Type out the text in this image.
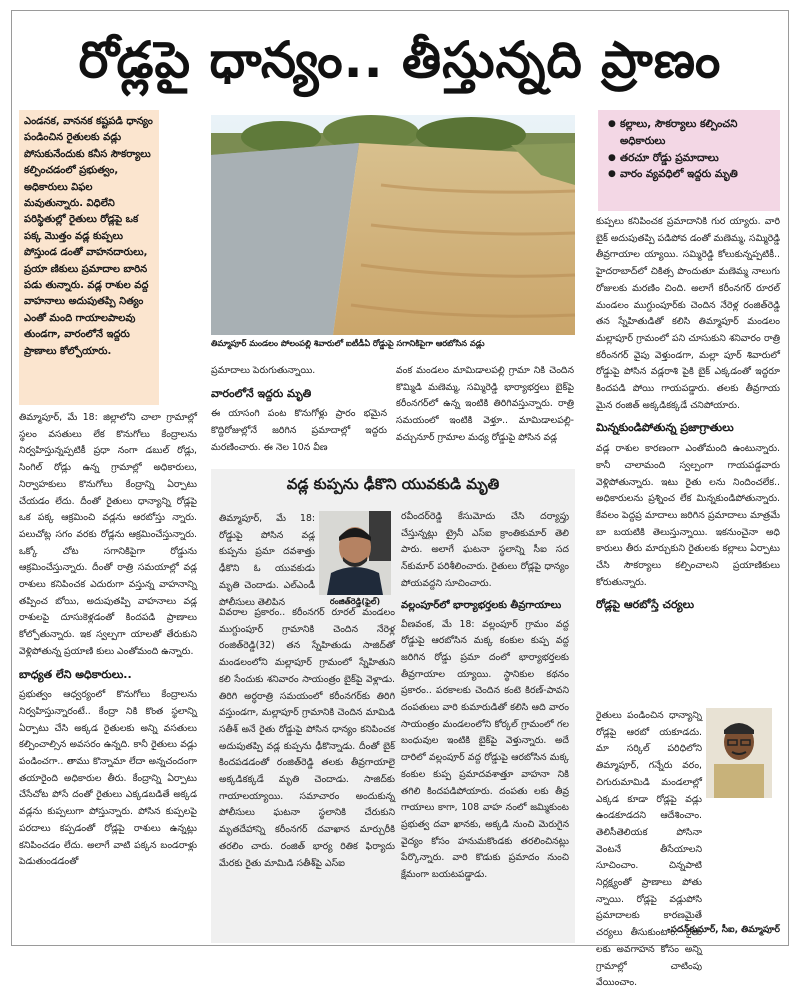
రోడ్లపై ధాన్యం.. తీస్తున్నది ప్రాణం
ఎండనక, వాననక కష్టపడి ధాన్యం పండించిన రైతులకు వడ్లు పోసుకునేందుకు కనీస సౌకర్యాలు కల్పించడంలో ప్రభుత్వం, అధికారులు విఫల మవుతున్నారు. విధిలేని పరిస్థితుల్లో రైతులు రోడ్లపై ఒక పక్క మొత్తం వడ్ల కుప్పలు పోస్తుండ డంతో వాహనదారులు, ప్రయా ణికులు ప్రమాదాల బారిన పడు తున్నారు. వడ్ల రాశుల వద్ద వాహనాలు అదుపుతప్పి నిత్యం ఎంతో మంది గాయాలపాలవు తుండగా, వారంలోనే ఇద్దరు ప్రాణాలు కోల్పోయారు.
తిమ్మాపూర్, మే 18: జిల్లాలోని చాలా గ్రామాల్లో స్థలం వసతులు లేక కొనుగోలు కేంద్రాలను నిర్వహిస్తున్నప్పటికీ ప్రధా నంగా డబుల్ రోడ్లు, సింగిల్ రోడ్లు ఉన్న గ్రామాల్లో అధికారులు, నిర్వాహకులు కొనుగోలు కేంద్రాన్ని ఏర్పాటు చేయడం లేదు. దీంతో రైతులు ధాన్యాన్ని రోడ్లపై ఒక పక్క ఆక్రమించి వడ్లను ఆరబోస్తు న్నారు. పలుచోట్ల సగం వరకు రోడ్లను ఆక్రమించేస్తున్నారు. ఒక్కో చోట సగానికిపైగా రోడ్డును ఆక్రమించేస్తున్నారు. దీంతో రాత్రి సమయాల్లో వడ్ల రాశులు కనిపించక ఎదురుగా వస్తున్న వాహనాన్ని తప్పించ బోయి, అదుపుతప్పి వాహనాలు వడ్ల రాశులపై దూసుకెళ్లడంతో కిందపడి ప్రాణాలు కోల్పోతున్నారు. ఇక స్వల్పగా యాలతో తేరుకుని వెళ్లిపోతున్న ప్రయాణి కులు ఎంతోమంది ఉన్నారు.
బాధ్యత లేని అధికారులు..
ప్రభుత్వం ఆధ్వర్యంలో కొనుగోలు కేంద్రాలను నిర్వహిస్తున్నారంటే.. కేంద్రా నికి కొంత స్థలాన్ని ఏర్పాటు చేసి అక్కడ రైతులకు అన్ని వసతులు కల్పించాల్సిన అవసరం ఉన్నది. కానీ రైతులు వడ్లు పండించగా.. తాము కొన్నామా లేదా అన్నచందంగా తయారైంది అధికారుల తీరు. కేంద్రాన్ని ఏర్పాటు చేసేచోట పోసే దంతో రైతులు ఎక్కడబడితే అక్కడ వడ్లను కుప్పలుగా పోస్తున్నారు. పోసిన కుప్పలపై పరదాలు కప్పడంతో రోడ్లపై రాశులు ఉన్నట్లు కనిపించడం లేదు. అలాగే వాటి పక్కన బండరాళ్లు పెడుతుండడంతో
తిమ్మాపూర్ మండలం పోలంపల్లి శివారులో ఐటీడీఏ రోడ్డుపై సగానికిపైగా ఆరబోసిన వడ్లు
ప్రమాదాలు పెరుగుతున్నాయి.
వారంలోనే ఇద్దరు మృతి
ఈ యాసంగి పంట కొనుగోళ్లు ప్రారం భమైన కొద్దిరోజుల్లోనే జరిగిన ప్రమాదాల్లో ఇద్దరు మరణించారు. ఈ నెల 10న వీణ
వంక మండలం మామిడాలపల్లి గ్రామా నికి చెందిన కొమ్మిడి మణెమ్మ, సమ్మిరెడ్డి భార్యాభర్తలు బైక్‌పై కరీంనగర్‌లో ఉన్న ఇంటికి తిరిగివస్తున్నారు. రాత్రి సమయంలో ఇంటికి వెళ్తూ.. మామిడాలపల్లి-వచ్చునూర్ గ్రామాల మధ్య రోడ్డుపై పోసిన వడ్ల
● కల్లాలు, సౌకర్యాలు కల్పించని అధికారులు
● తరచూ రోడ్డు ప్రమాదాలు
● వారం వ్యవధిలో ఇద్దరు మృతి
కుప్పలు కనిపించక ప్రమాదానికి గుర య్యారు. వారి బైక్ అదుపుతప్పి పడిపోవ డంతో మణెమ్మ, సమ్మిరెడ్డి తీవ్రగాయాల య్యాయి. సమ్మిరెడ్డి కోలుకున్నప్పటికీ.. హైదరాబాద్‌లో చికిత్స పొందుతూ మణెమ్మ నాలుగు రోజులకు మరణిం చింది. అలాగే కరీంనగర్ రూరల్ మండలం ముగ్దుంపూర్‌కు చెందిన నేరెళ్ల రంజిత్‌రెడ్డి తన స్నేహితుడితో కలిసి తిమ్మాపూర్ మండలం మల్లాపూర్ గ్రామంలో పని చూసుకుని శనివారం రాత్రి కరీంనగర్ వైపు వెళ్తుండగా, మల్లా పూర్ శివారులో రోడ్డుపై పోసిన వడ్లరాశి పైకి బైక్ ఎక్కడంతో ఇద్దరూ కిందపడి పోయి గాయపడ్డారు. తలకు తీవ్రగాయ మైన రంజిత్ అక్కడికక్కడే చనిపోయారు.
మిన్నకుండిపోతున్న ప్రజాగ్రాతులు
వడ్ల రాశుల కారణంగా ఎంతోమంది ఉంటున్నారు. కానీ చాలామంది స్వల్పంగా గాయపడ్డవారు వెళ్లిపోతున్నారు. ఇటు రైతు లను నిందించలేక.. అధికారులను ప్రశ్నించ లేక మిన్నకుండిపోతున్నారు. కేవలం పెద్దప్ర మాదాలు జరిగిన ప్రమాదాలు మాత్రమే బా బయటికి తెలుస్తున్నాయి. ఇకనుంచైనా అధి కారులు తీరు మార్చుకుని రైతులకు కల్లాలు ఏర్పాటు చేసి సౌకర్యాలు కల్పించాలని ప్రయాణికులు కోరుతున్నారు.
రోడ్లపై ఆరబోస్తే చర్యలు
రైతులు పండించిన ధాన్యాన్ని రోడ్లపై ఆరబో యకూడదు. మా సర్కిల్ పరిధిలోని తిమ్మాపూర్, గన్నేరు వరం, చిగురుమామిడి మండలాల్లో ఎక్కడ కూడా రోడ్లపై వడ్లు ఉండకూడదని ఆదేశించాం. తెలిసీతెలియక పోసినా వెంటనే తీసేయాలని సూచించాం. చిన్నపాటి నిర్లక్ష్యంతో ప్రాణాలు పోతు న్నాయి. రోడ్లపై వడ్లుపోసి ప్రమాదాలకు కారణమైతే చర్యలు తీసుకుంటాం. రైతు లకు అవగాహన కోసం అన్ని గ్రామాల్లో చాటింపు వేయించాం.
-సదన్‌కుమార్, సీఐ, తిమ్మాపూర్
వడ్ల కుప్పను ఢీకొని యువకుడి మృతి
తిమ్మాపూర్, మే 18: రోడ్డుపై పోసిన వడ్ల కుప్పను ప్రమా దవశాత్తు ఢీకొని ఓ యువకుడు మృతి చెందాడు. ఎల్‌ఎండీ పోలీసులు తెలిపిన
వివరాల ప్రకారం.. కరీంనగర్ రూరల్ మండలం ముగ్దుంపూర్ గ్రామానికి చెందిన నేరెళ్ల రంజిత్‌రెడ్డి(32) తన స్నేహితుడు సాజిద్‌తో మండలంలోని మల్లాపూర్ గ్రామంలో స్నేహితుని కలి సేందుకు శనివారం సాయంత్రం బైక్‌పై వెళ్లాడు. తిరిగి అర్ధరాత్రి సమయంలో కరీంనగర్‌కు తిరిగి వస్తుండగా, మల్లాపూర్ గ్రామానికి చెందిన మామిడి సతీశ్ అనే రైతు రోడ్డుపై పోసిన ధాన్యం కనిపించక అదుపుతప్పి వడ్ల కుప్పను ఢీకొన్నాడు. దీంతో బైక్ కిందపడడంతో రంజిత్‌రెడ్డి తలకు తీవ్రగాయాలై అక్కడికక్కడే మృతి చెందాడు. సాజిద్‌కు గాయాలయ్యాయి. సమాచారం అందుకున్న పోలీసులు ఘటనా స్థలానికి చేరుకుని మృతదేహాన్ని కరీంనగర్ దవాఖాన మార్చురీకి తరలిం చారు. రంజిత్ భార్య రితిక ఫిర్యాదు మేరకు రైతు మామిడి సతీశ్‌పై ఎస్‌ఐ
రవీందర్‌రెడ్డి కేసుమోదు చేసి దర్యాప్తు చేస్తున్నట్లు ట్రైనీ ఎస్‌ఐ క్రాంతికుమార్ తెలి పారు. అలాగే ఘటనా స్థలాన్ని సీఐ సద న్‌కుమార్ పరిశీలించారు. రైతులు రోడ్లపై ధాన్యం పోయవద్దని సూచించారు.
వల్లంపూర్‌లో భార్యాభర్తలకు తీవ్రగాయాలు
వీణవంక, మే 18: వల్లంపూర్ గ్రామం వద్ద రోడ్డుపై ఆరబోసిన మక్క కంకుల కుప్ప వద్ద జరిగిన రోడ్డు ప్రమా దంలో భార్యాభర్తలకు తీవ్రగాయాల య్యాయి. స్థానికుల కథనం ప్రకారం.. పరకాలకు చెందిన కంటె కిరణ్-పావని దంపతులు వారి కుమారుడితో కలిసి ఆది వారం సాయంత్రం మండలంలోని కోర్కల్ గ్రామంలో గల బంధువుల ఇంటికి బైక్‌పై వెళ్తున్నారు. అదే దారిలో వల్లంపూర్ వద్ద రోడ్డుపై ఆరబోసిన మక్క కంకుల కుప్ప ప్రమాదవశాత్తూ వాహనా నికి తగిలి కిందపడిపోయారు. దంపతు లకు తీవ్ర గాయాలు కాగా, 108 వాహ నంలో జమ్మికుంట ప్రభుత్వ దవా ఖానకు, అక్కడి నుంచి మెరుగైన వైద్యం కోసం హనుమకొండకు తరలించినట్లు పేర్కొన్నారు. వారి కొడుకు ప్రమాదం నుంచి క్షేమంగా బయటపడ్డాడు.
రంజిత్‌రెడ్డి(ఫైల్)
